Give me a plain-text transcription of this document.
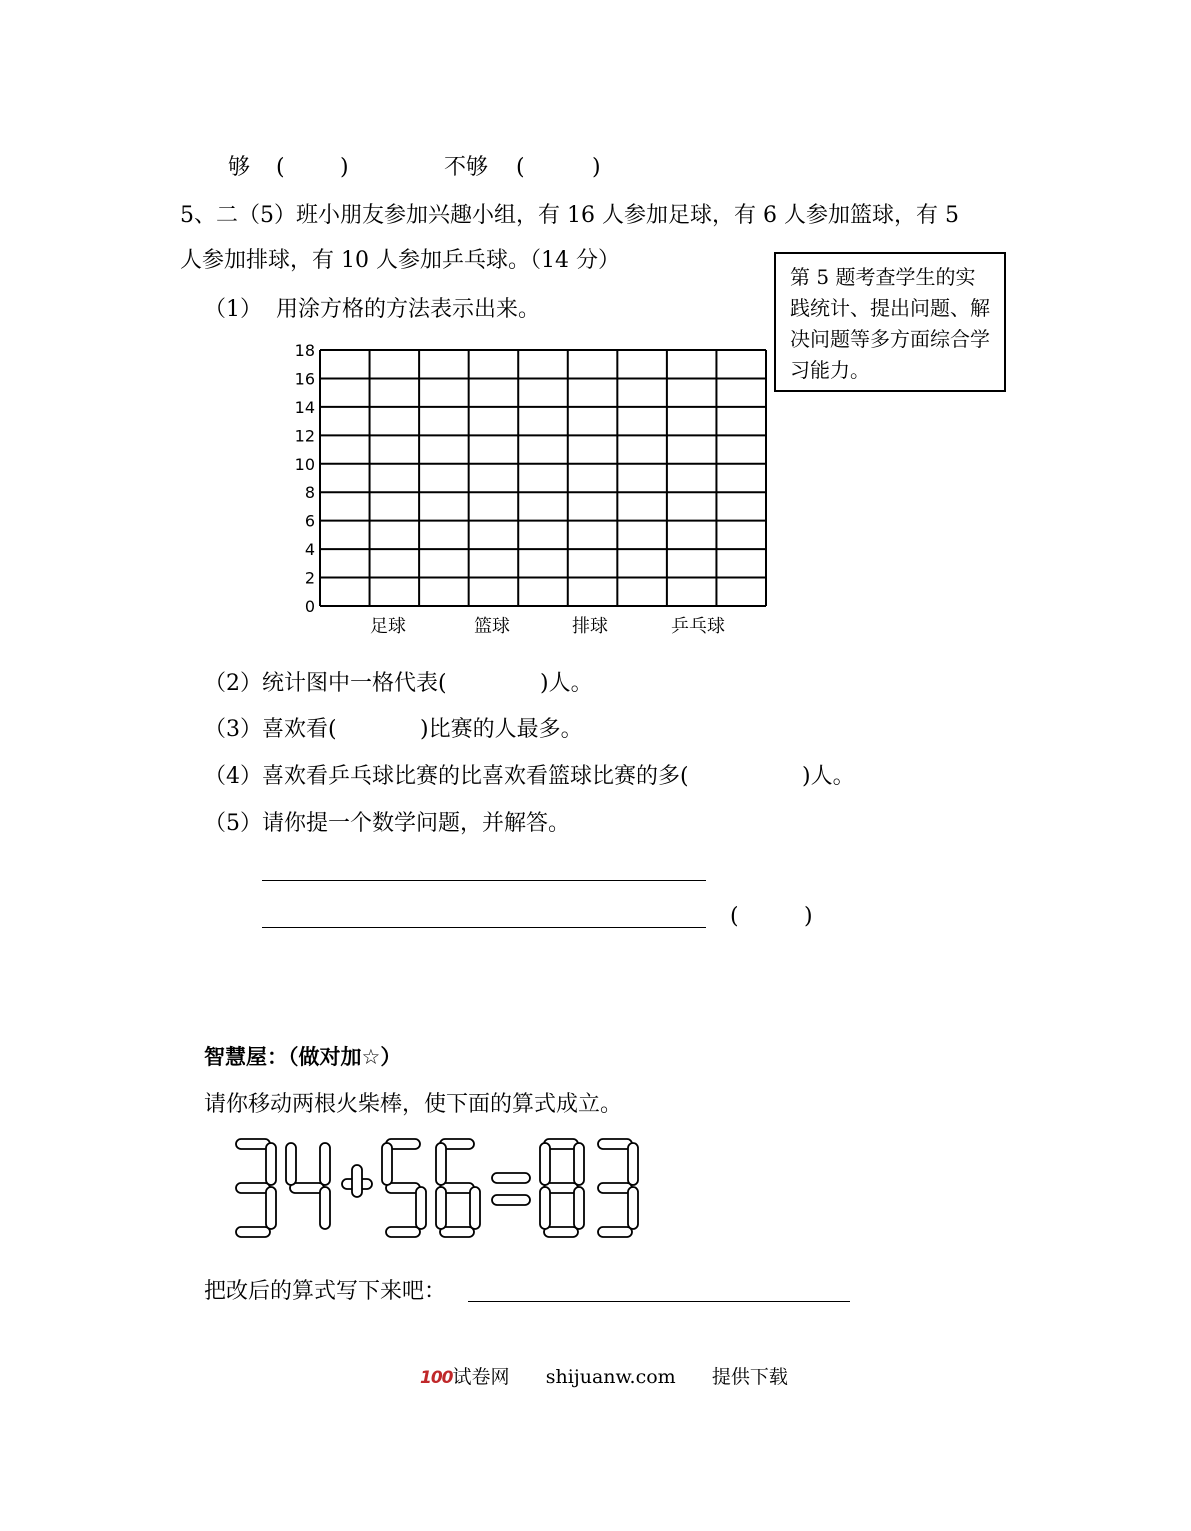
够 (	)	不够 (	)
5、二（5）班小朋友参加兴趣小组，有 16 人参加足球，有 6 人参加篮球，有 5
人参加排球，有 10 人参加乒乓球。（14 分）
第 5 题考查学生的实践统计、提出问题、解决问题等多方面综合学习能力。
（1）  用涂方格的方法表示出来。
18
16
14
12
10
8
6
4
2
0
足球	篮球	排球	乒乓球
（2）统计图中一格代表(	)人。
（3）喜欢看(	)比赛的人最多。
（4）喜欢看乒乓球比赛的比喜欢看篮球比赛的多(	)人。
（5）请你提一个数学问题，并解答。
(	)
智慧屋：（做对加☆）
请你移动两根火柴棒，使下面的算式成立。
把改后的算式写下来吧：
100试卷网 shijuanw.com 提供下载
